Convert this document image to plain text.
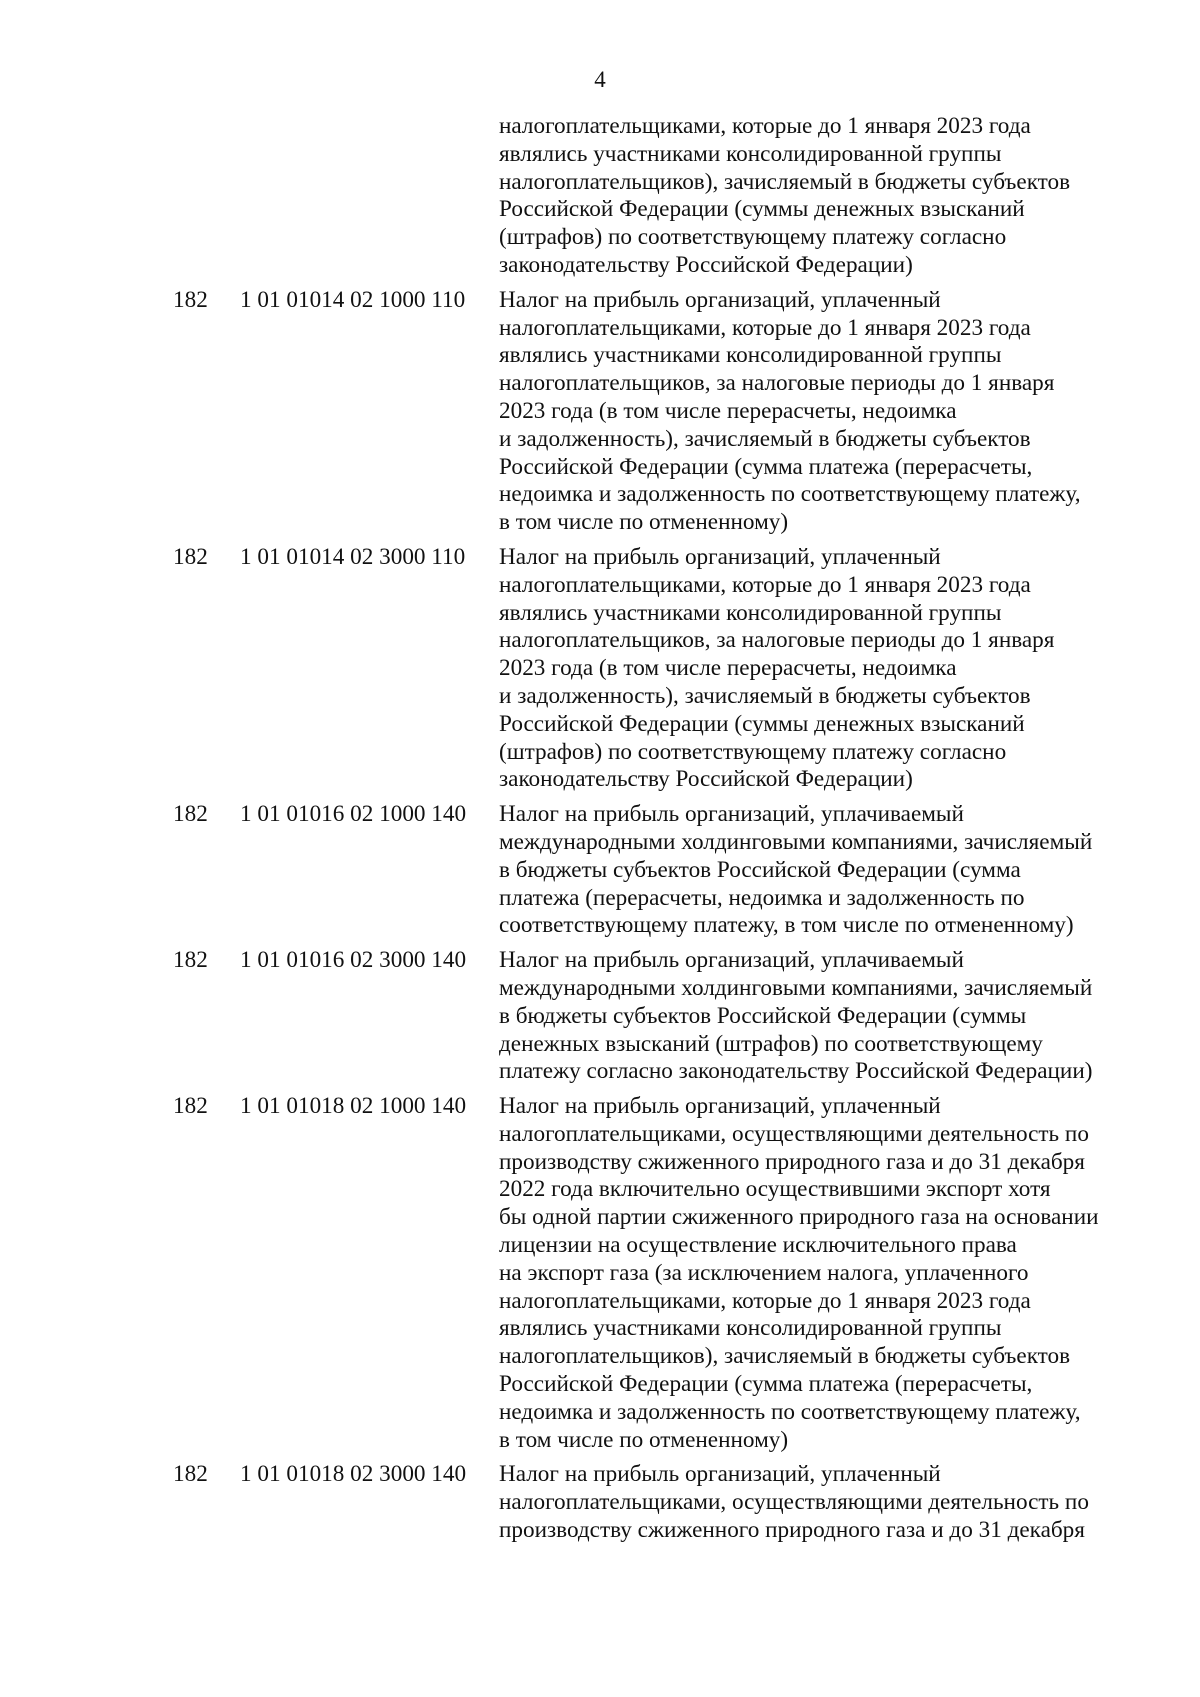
4
налогоплательщиками, которые до 1 января 2023 года
являлись участниками консолидированной группы
налогоплательщиков), зачисляемый в бюджеты субъектов
Российской Федерации (суммы денежных взысканий
(штрафов) по соответствующему платежу согласно
законодательству Российской Федерации)
182 1 01 01014 02 1000 110 Налог на прибыль организаций, уплаченный
налогоплательщиками, которые до 1 января 2023 года
являлись участниками консолидированной группы
налогоплательщиков, за налоговые периоды до 1 января
2023 года (в том числе перерасчеты, недоимка
и задолженность), зачисляемый в бюджеты субъектов
Российской Федерации (сумма платежа (перерасчеты,
недоимка и задолженность по соответствующему платежу,
в том числе по отмененному)
182 1 01 01014 02 3000 110 Налог на прибыль организаций, уплаченный
налогоплательщиками, которые до 1 января 2023 года
являлись участниками консолидированной группы
налогоплательщиков, за налоговые периоды до 1 января
2023 года (в том числе перерасчеты, недоимка
и задолженность), зачисляемый в бюджеты субъектов
Российской Федерации (суммы денежных взысканий
(штрафов) по соответствующему платежу согласно
законодательству Российской Федерации)
182 1 01 01016 02 1000 140 Налог на прибыль организаций, уплачиваемый
международными холдинговыми компаниями, зачисляемый
в бюджеты субъектов Российской Федерации (сумма
платежа (перерасчеты, недоимка и задолженность по
соответствующему платежу, в том числе по отмененному)
182 1 01 01016 02 3000 140 Налог на прибыль организаций, уплачиваемый
международными холдинговыми компаниями, зачисляемый
в бюджеты субъектов Российской Федерации (суммы
денежных взысканий (штрафов) по соответствующему
платежу согласно законодательству Российской Федерации)
182 1 01 01018 02 1000 140 Налог на прибыль организаций, уплаченный
налогоплательщиками, осуществляющими деятельность по
производству сжиженного природного газа и до 31 декабря
2022 года включительно осуществившими экспорт хотя
бы одной партии сжиженного природного газа на основании
лицензии на осуществление исключительного права
на экспорт газа (за исключением налога, уплаченного
налогоплательщиками, которые до 1 января 2023 года
являлись участниками консолидированной группы
налогоплательщиков), зачисляемый в бюджеты субъектов
Российской Федерации (сумма платежа (перерасчеты,
недоимка и задолженность по соответствующему платежу,
в том числе по отмененному)
182 1 01 01018 02 3000 140 Налог на прибыль организаций, уплаченный
налогоплательщиками, осуществляющими деятельность по
производству сжиженного природного газа и до 31 декабря
